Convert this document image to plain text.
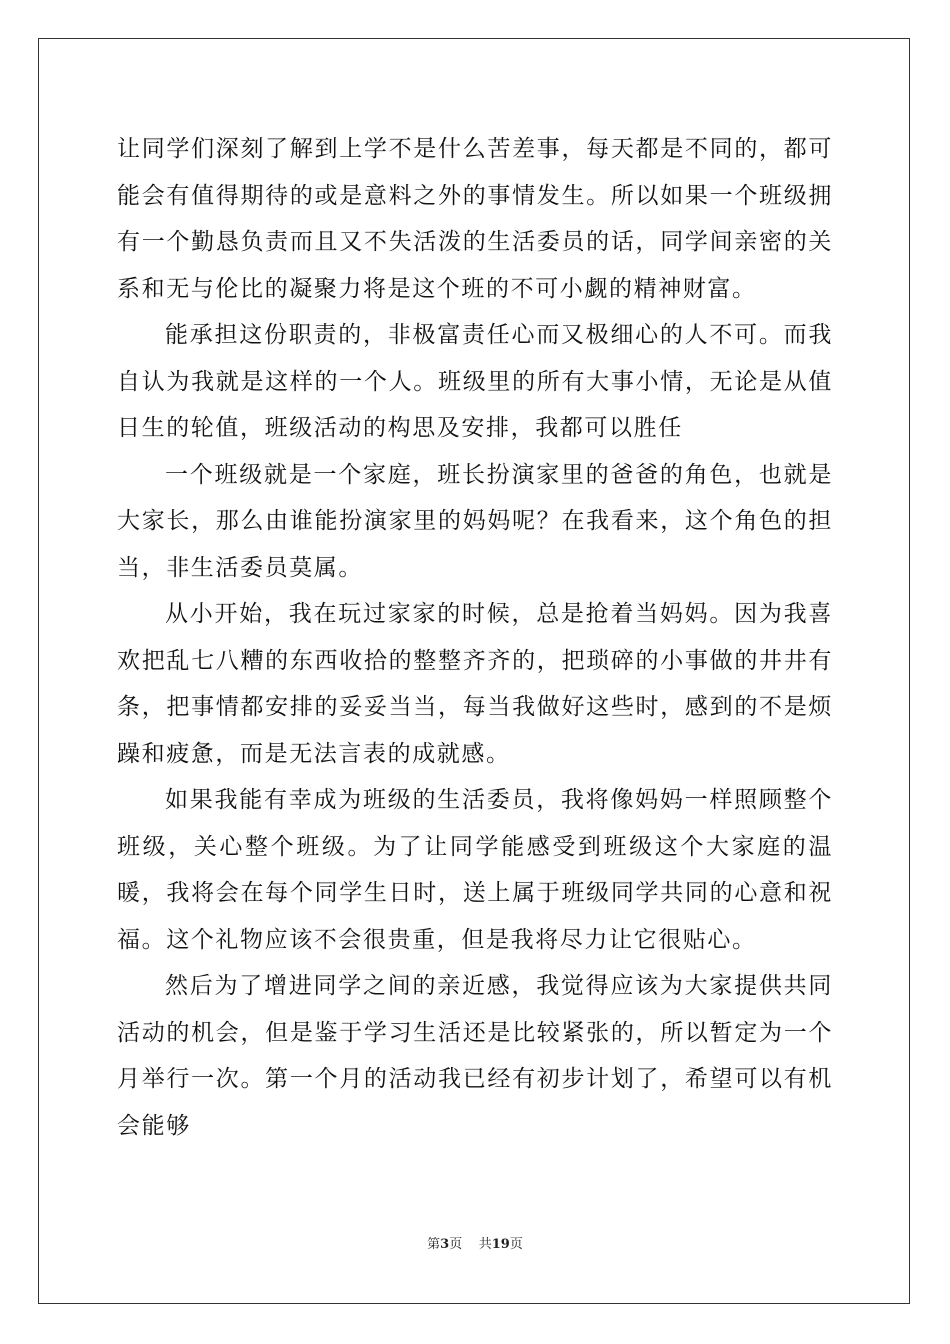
让同学们深刻了解到上学不是什么苦差事，每天都是不同的，都可能会有值得期待的或是意料之外的事情发生。所以如果一个班级拥有一个勤恳负责而且又不失活泼的生活委员的话，同学间亲密的关系和无与伦比的凝聚力将是这个班的不可小觑的精神财富。

能承担这份职责的，非极富责任心而又极细心的人不可。而我自认为我就是这样的一个人。班级里的所有大事小情，无论是从值日生的轮值，班级活动的构思及安排，我都可以胜任

一个班级就是一个家庭，班长扮演家里的爸爸的角色，也就是大家长，那么由谁能扮演家里的妈妈呢？在我看来，这个角色的担当，非生活委员莫属。

从小开始，我在玩过家家的时候，总是抢着当妈妈。因为我喜欢把乱七八糟的东西收拾的整整齐齐的，把琐碎的小事做的井井有条，把事情都安排的妥妥当当，每当我做好这些时，感到的不是烦躁和疲惫，而是无法言表的成就感。

如果我能有幸成为班级的生活委员，我将像妈妈一样照顾整个班级，关心整个班级。为了让同学能感受到班级这个大家庭的温暖，我将会在每个同学生日时，送上属于班级同学共同的心意和祝福。这个礼物应该不会很贵重，但是我将尽力让它很贴心。

然后为了增进同学之间的亲近感，我觉得应该为大家提供共同活动的机会，但是鉴于学习生活还是比较紧张的，所以暂定为一个月举行一次。第一个月的活动我已经有初步计划了，希望可以有机会能够

第3页 共19页
